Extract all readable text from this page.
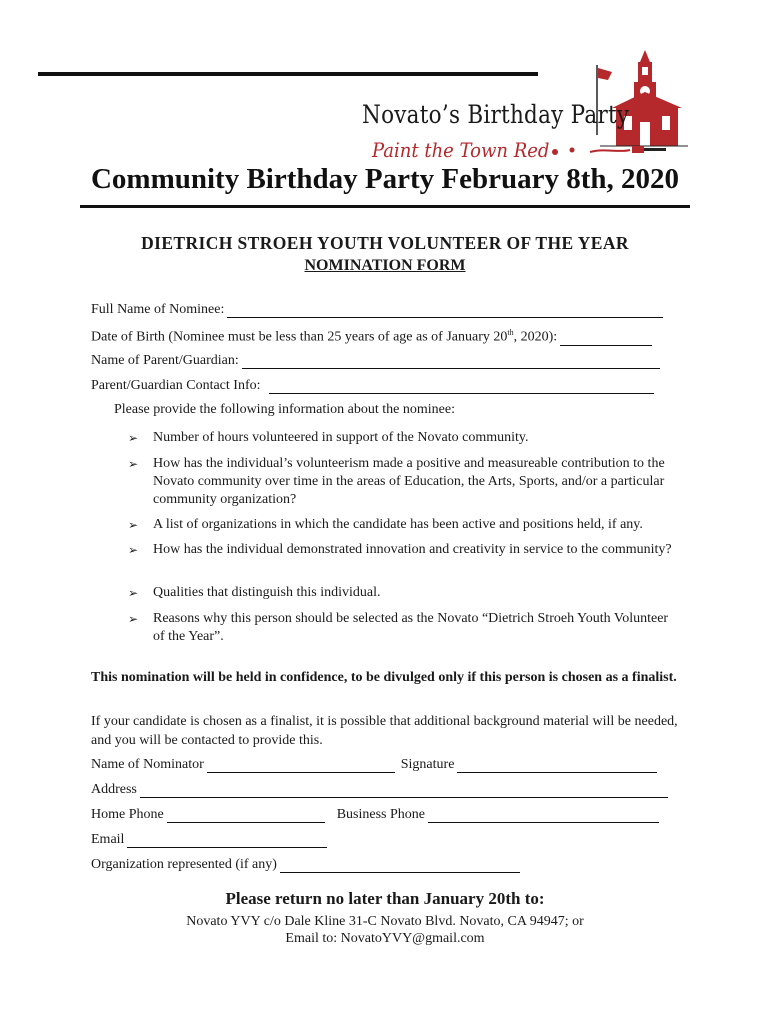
Novato’s Birthday Party
Paint the Town Red
Community Birthday Party February 8th, 2020
DIETRICH STROEH YOUTH VOLUNTEER OF THE YEAR
NOMINATION FORM
Full Name of Nominee:
Date of Birth (Nominee must be less than 25 years of age as of January 20th, 2020):
Name of Parent/Guardian:
Parent/Guardian Contact Info:
Please provide the following information about the nominee:
➢	Number of hours volunteered in support of the Novato community.
➢	How has the individual’s volunteerism made a positive and measureable contribution to the Novato community over time in the areas of Education, the Arts, Sports, and/or a particular community organization?
➢	A list of organizations in which the candidate has been active and positions held, if any.
➢	How has the individual demonstrated innovation and creativity in service to the community?
➢	Qualities that distinguish this individual.
➢	Reasons why this person should be selected as the Novato “Dietrich Stroeh Youth Volunteer of the Year”.
This nomination will be held in confidence, to be divulged only if this person is chosen as a finalist.
If your candidate is chosen as a finalist, it is possible that additional background material will be needed, and you will be contacted to provide this.
Name of Nominator	Signature
Address
Home Phone	Business Phone
Email
Organization represented (if any)
Please return no later than January 20th to:
Novato YVY c/o Dale Kline 31-C Novato Blvd. Novato, CA 94947; or
Email to: NovatoYVY@gmail.com
